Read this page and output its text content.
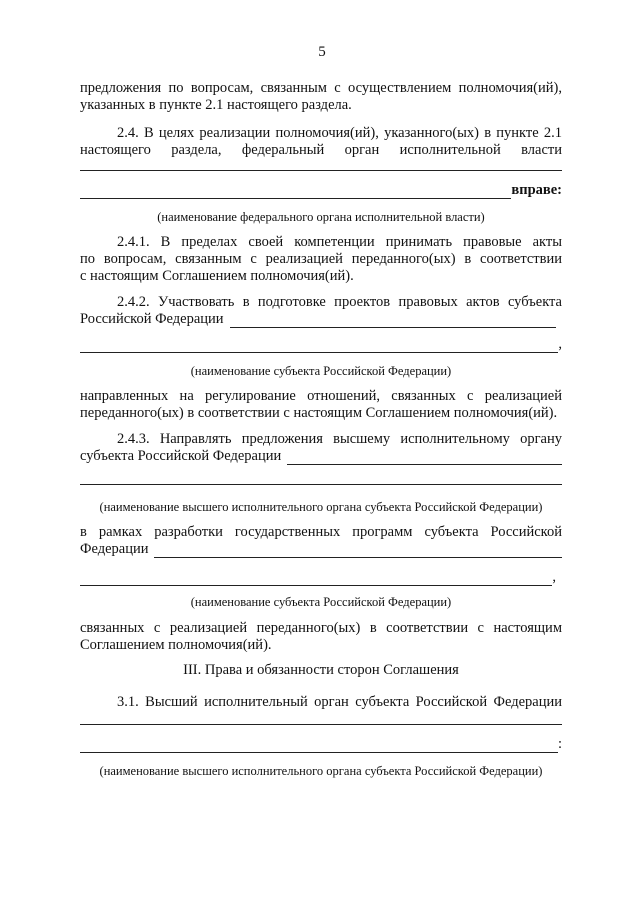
5
предложения по вопросам, связанным с осуществлением полномочия(ий),
указанных в пункте 2.1 настоящего раздела.
2.4. В целях реализации полномочия(ий), указанного(ых) в пункте 2.1
настоящего раздела, федеральный орган исполнительной власти
вправе:
(наименование федерального органа исполнительной власти)
2.4.1. В пределах своей компетенции принимать правовые акты
по вопросам, связанным с реализацией переданного(ых) в соответствии
с настоящим Соглашением полномочия(ий).
2.4.2. Участвовать в подготовке проектов правовых актов субъекта
Российской Федерации
,
(наименование субъекта Российской Федерации)
направленных на регулирование отношений, связанных с реализацией
переданного(ых) в соответствии с настоящим Соглашением полномочия(ий).
2.4.3. Направлять предложения высшему исполнительному органу
субъекта Российской Федерации
(наименование высшего исполнительного органа субъекта Российской Федерации)
в рамках разработки государственных программ субъекта Российской
Федерации
,
(наименование субъекта Российской Федерации)
связанных с реализацией переданного(ых) в соответствии с настоящим
Соглашением полномочия(ий).
III. Права и обязанности сторон Соглашения
3.1. Высший исполнительный орган субъекта Российской Федерации
:
(наименование высшего исполнительного органа субъекта Российской Федерации)
